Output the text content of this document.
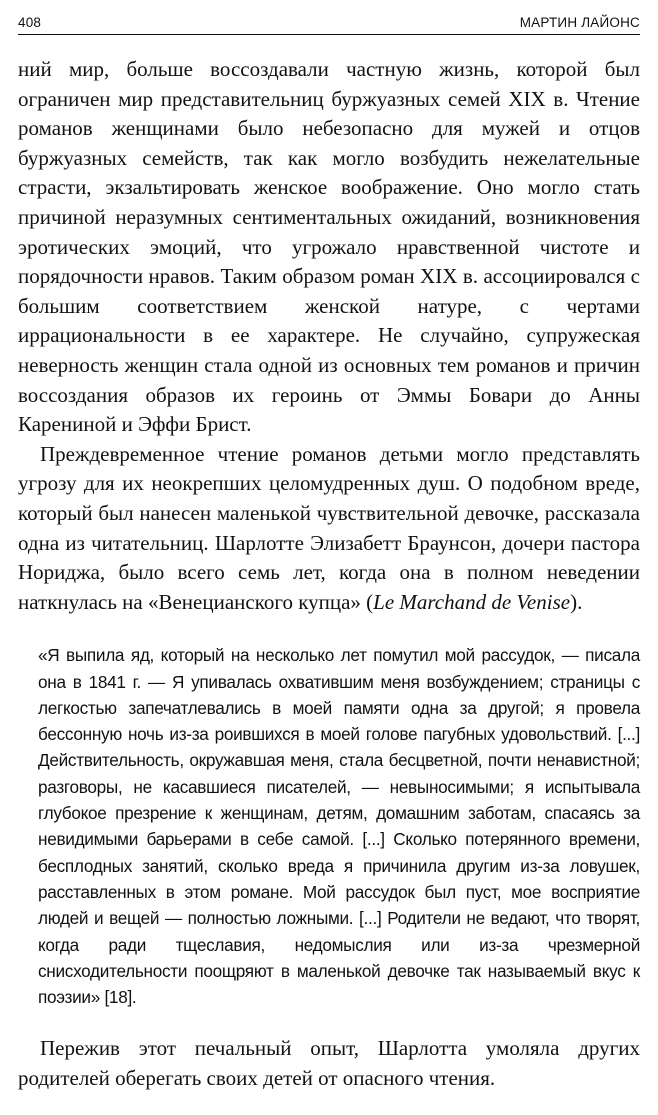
408	МАРТИН ЛАЙОНС

ний мир, больше воссоздавали частную жизнь, которой был ограничен мир представительниц буржуазных семей XIX в. Чтение романов женщинами было небезопасно для мужей и отцов буржуазных семейств, так как могло возбудить нежелательные страсти, экзальтировать женское воображение. Оно могло стать причиной неразумных сентиментальных ожиданий, возникновения эротических эмоций, что угрожало нравственной чистоте и порядочности нравов. Таким образом роман XIX в. ассоциировался с большим соответствием женской натуре, с чертами иррациональности в ее характере. Не случайно, супружеская неверность женщин стала одной из основных тем романов и причин воссоздания образов их героинь от Эммы Бовари до Анны Карениной и Эффи Брист.

Преждевременное чтение романов детьми могло представлять угрозу для их неокрепших целомудренных душ. О подобном вреде, который был нанесен маленькой чувствительной девочке, рассказала одна из читательниц. Шарлотте Элизабетт Браунсон, дочери пастора Нориджа, было всего семь лет, когда она в полном неведении наткнулась на «Венецианского купца» (Le Marchand de Venise).

«Я выпила яд, который на несколько лет помутил мой рассудок, — писала она в 1841 г. — Я упивалась охватившим меня возбуждением; страницы с легкостью запечатлевались в моей памяти одна за другой; я провела бессонную ночь из-за роившихся в моей голове пагубных удовольствий. [...] Действительность, окружавшая меня, стала бесцветной, почти ненавистной; разговоры, не касавшиеся писателей, — невыносимыми; я испытывала глубокое презрение к женщинам, детям, домашним заботам, спасаясь за невидимыми барьерами в себе самой. [...] Сколько потерянного времени, бесплодных занятий, сколько вреда я причинила другим из-за ловушек, расставленных в этом романе. Мой рассудок был пуст, мое восприятие людей и вещей — полностью ложными. [...] Родители не ведают, что творят, когда ради тщеславия, недомыслия или из-за чрезмерной снисходительности поощряют в маленькой девочке так называемый вкус к поэзии» [18].

Пережив этот печальный опыт, Шарлотта умоляла других родителей оберегать своих детей от опасного чтения.
